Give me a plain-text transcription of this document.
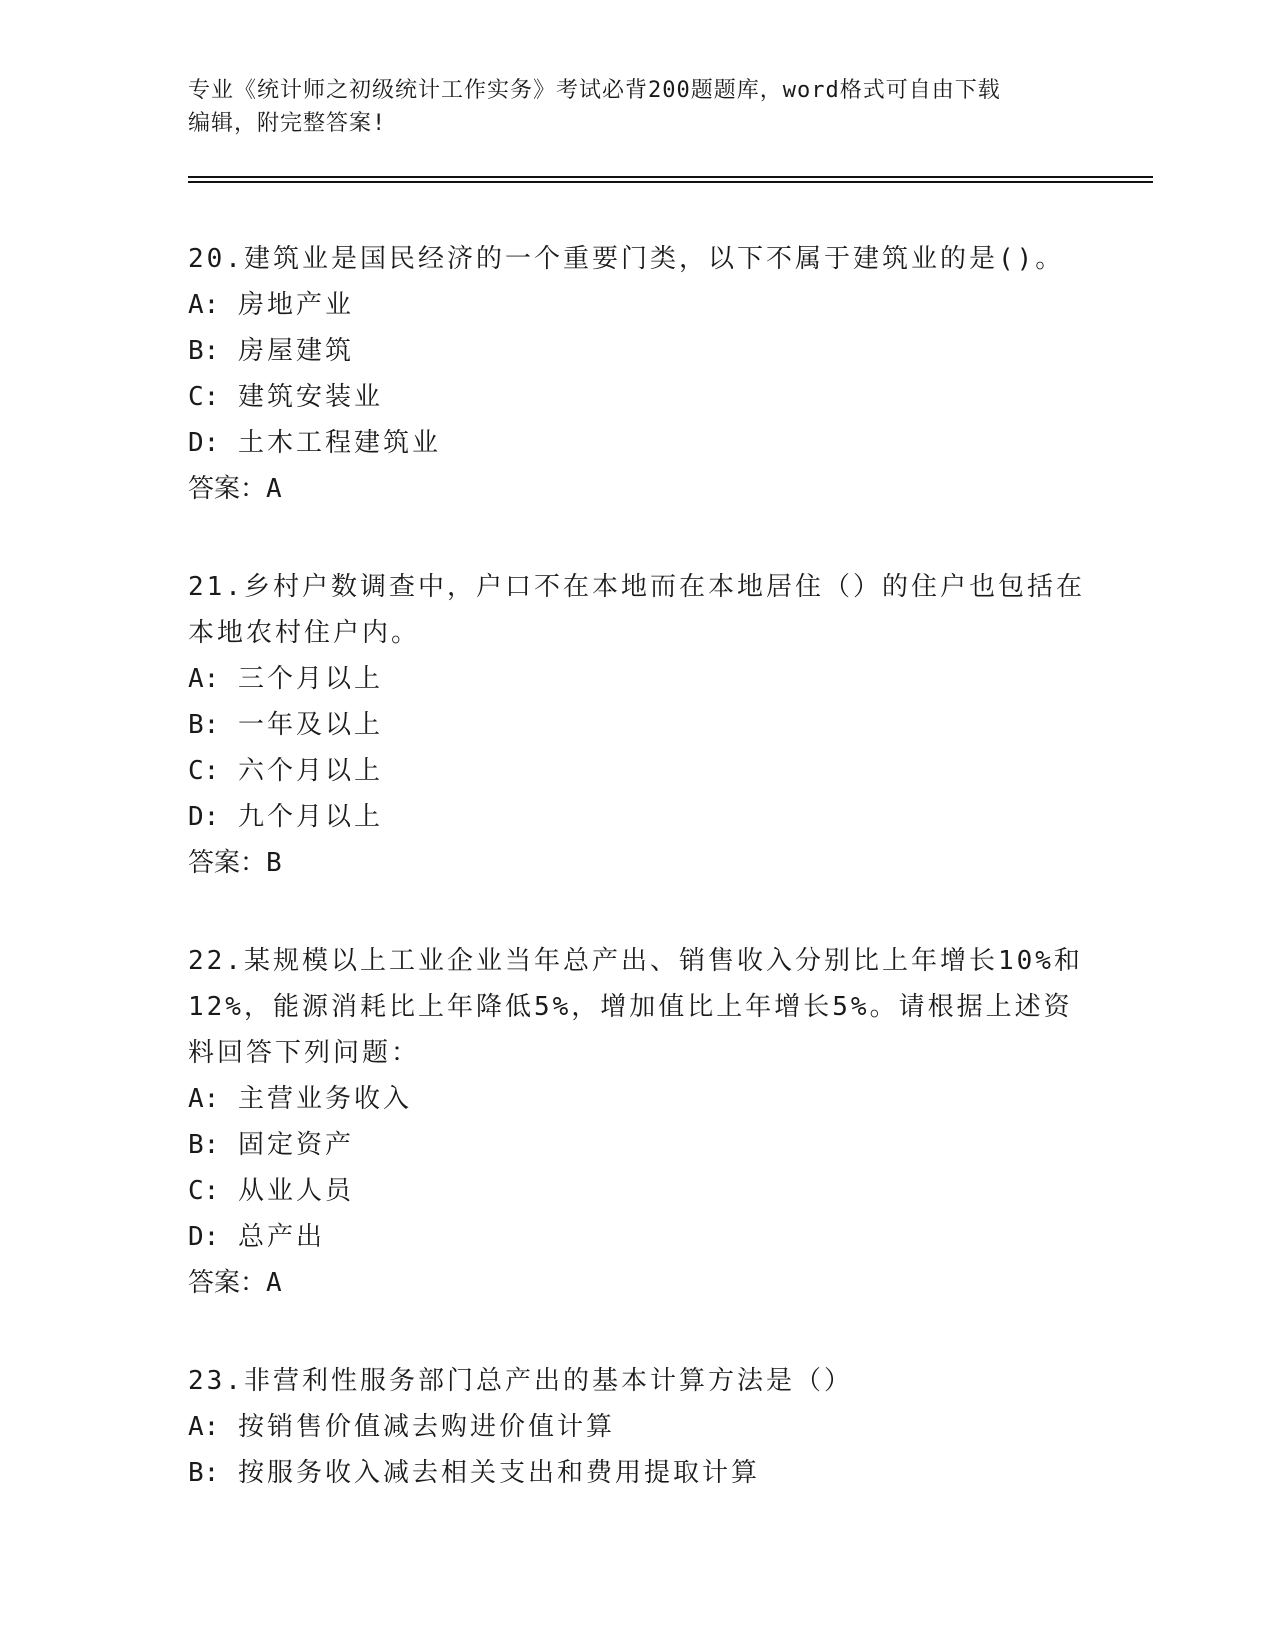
专业《统计师之初级统计工作实务》考试必背200题题库，word格式可自由下载
编辑，附完整答案!
20.建筑业是国民经济的一个重要门类，以下不属于建筑业的是()。
A: 房地产业
B: 房屋建筑
C: 建筑安装业
D: 土木工程建筑业
答案：A
21.乡村户数调查中，户口不在本地而在本地居住（）的住户也包括在本地农村住户内。
A: 三个月以上
B: 一年及以上
C: 六个月以上
D: 九个月以上
答案：B
22.某规模以上工业企业当年总产出、销售收入分别比上年增长10%和12%，能源消耗比上年降低5%，增加值比上年增长5%。请根据上述资料回答下列问题：
A: 主营业务收入
B: 固定资产
C: 从业人员
D: 总产出
答案：A
23.非营利性服务部门总产出的基本计算方法是（）
A: 按销售价值减去购进价值计算
B: 按服务收入减去相关支出和费用提取计算
